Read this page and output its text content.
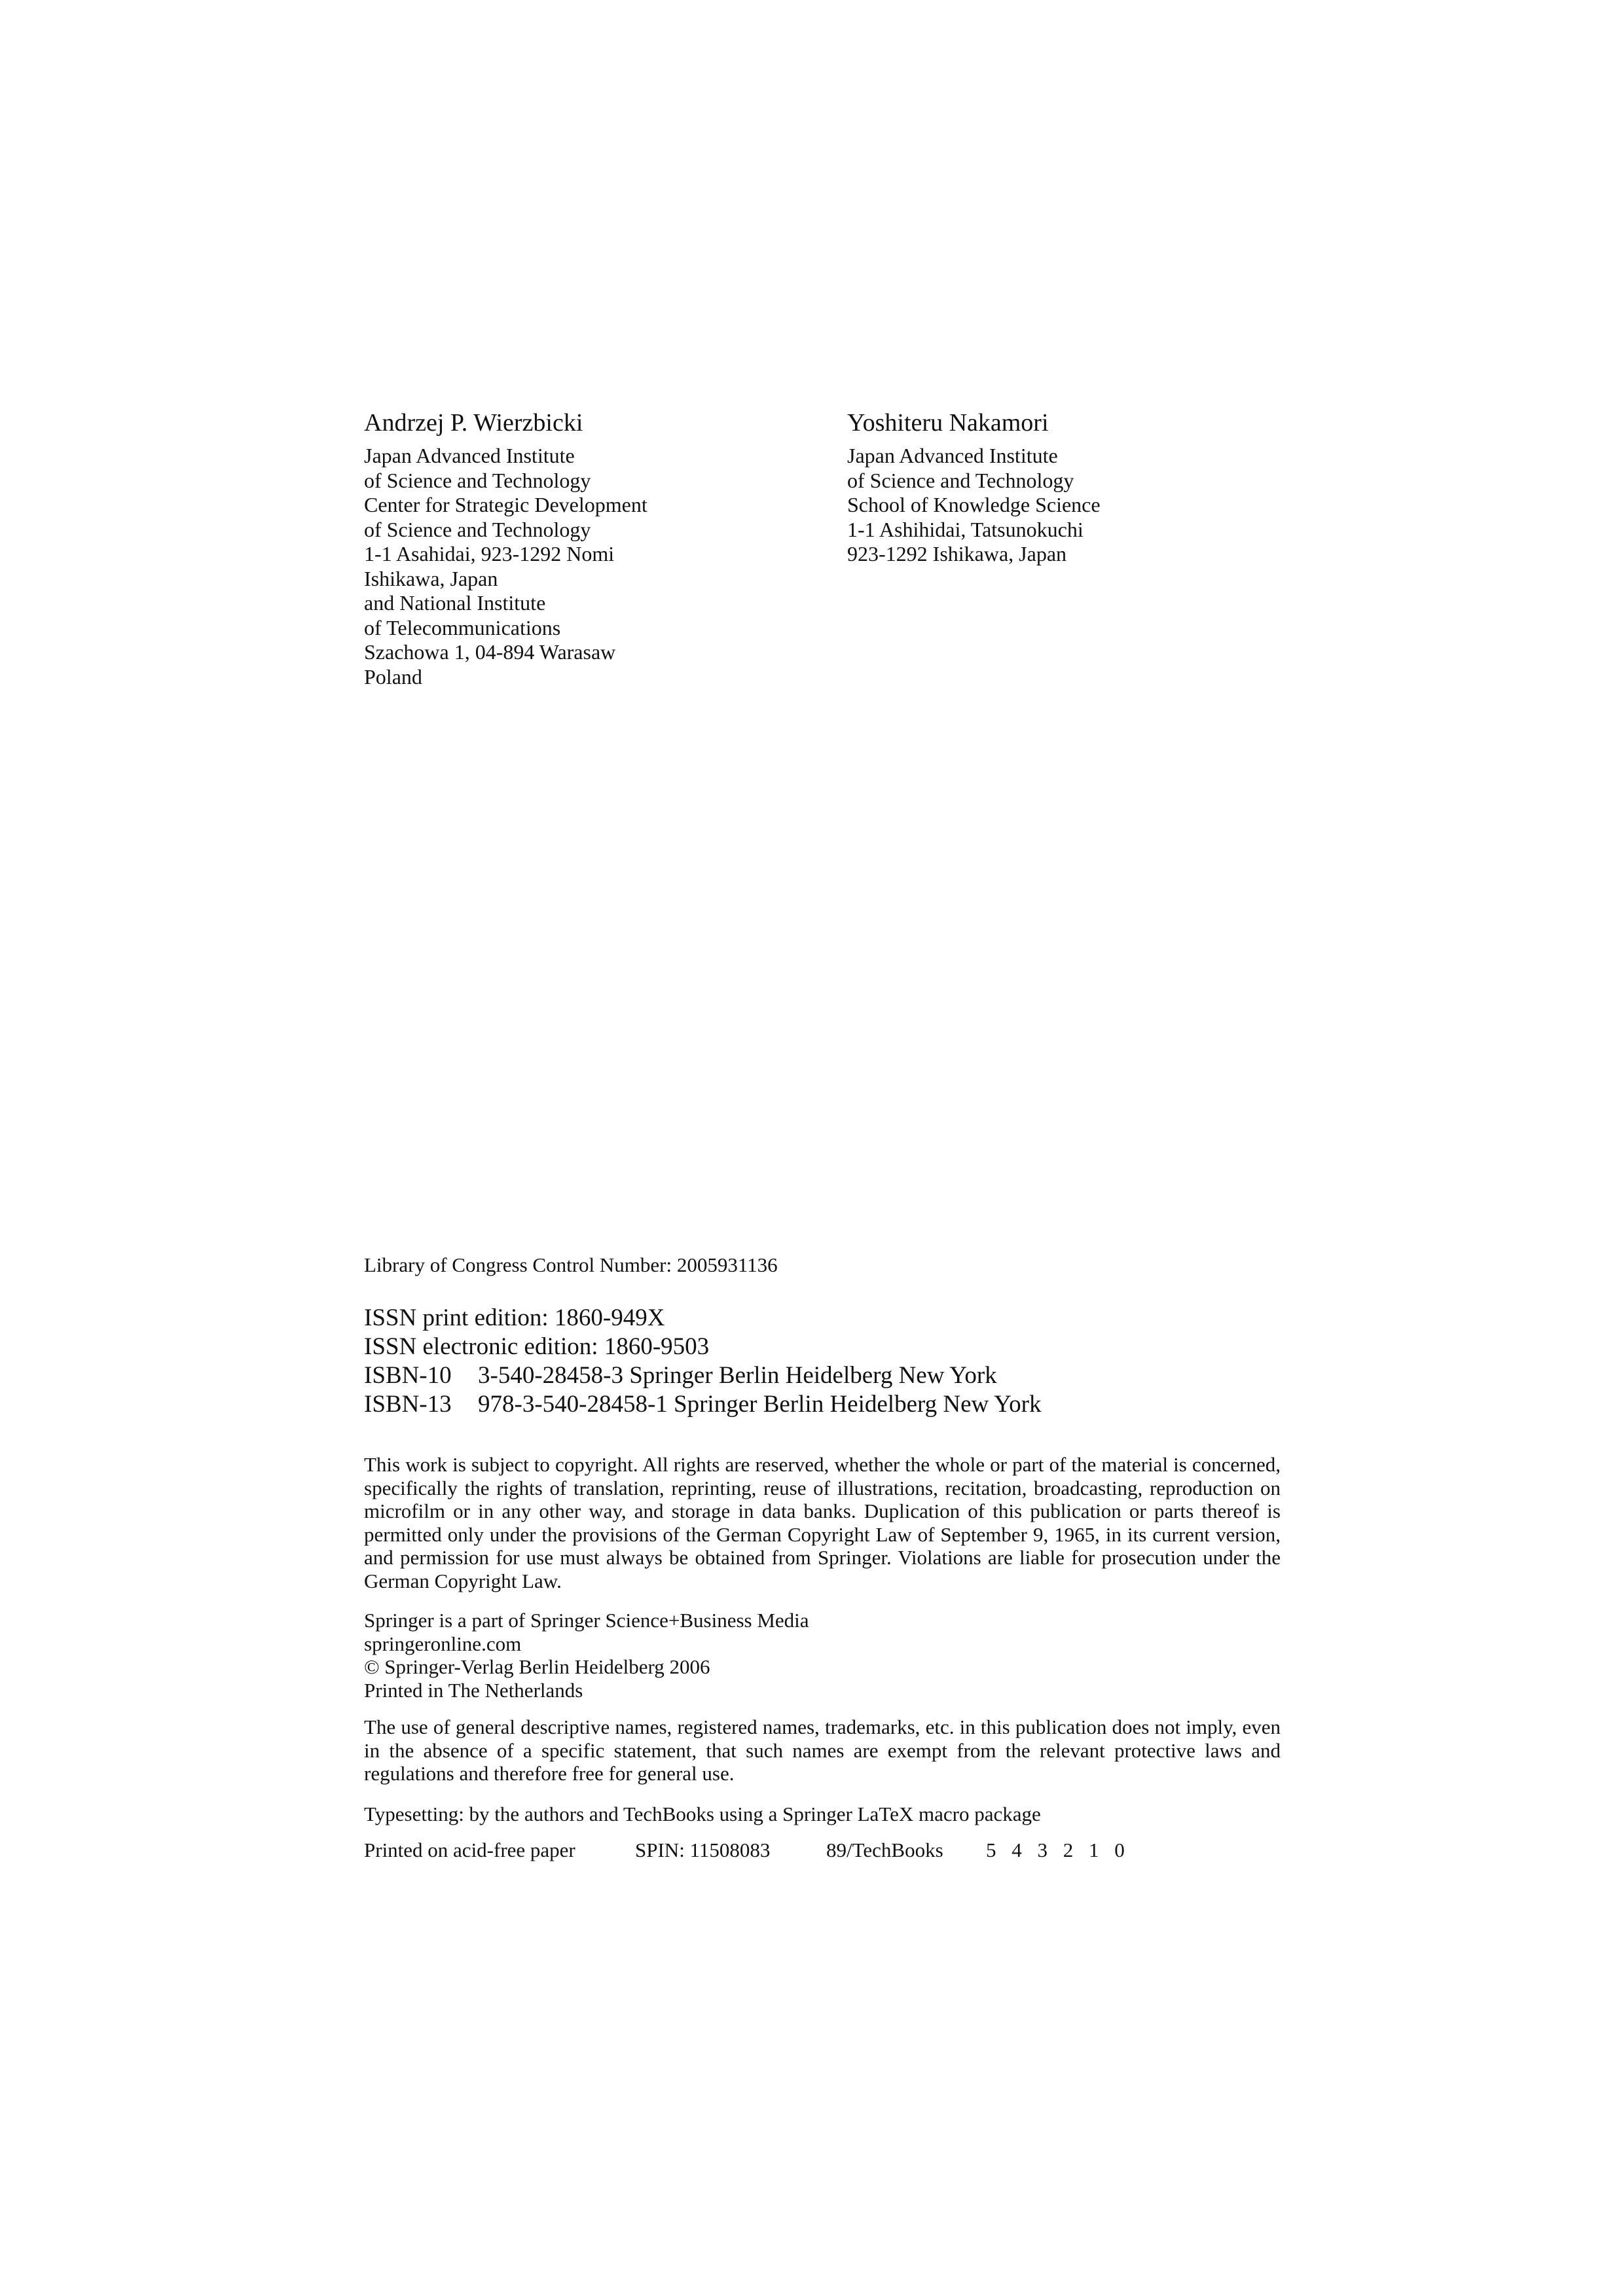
Andrzej P. Wierzbicki
Japan Advanced Institute
of Science and Technology
Center for Strategic Development
of Science and Technology
1-1 Asahidai, 923-1292 Nomi
Ishikawa, Japan
and National Institute
of Telecommunications
Szachowa 1, 04-894 Warasaw
Poland
Yoshiteru Nakamori
Japan Advanced Institute
of Science and Technology
School of Knowledge Science
1-1 Ashihidai, Tatsunokuchi
923-1292 Ishikawa, Japan
Library of Congress Control Number: 2005931136
ISSN print edition: 1860-949X
ISSN electronic edition: 1860-9503
ISBN-10 3-540-28458-3 Springer Berlin Heidelberg New York
ISBN-13 978-3-540-28458-1 Springer Berlin Heidelberg New York

This work is subject to copyright. All rights are reserved, whether the whole or part of the material is concerned, specifically the rights of translation, reprinting, reuse of illustrations, recitation, broadcasting, reproduction on microfilm or in any other way, and storage in data banks. Duplication of this publication or parts thereof is permitted only under the provisions of the German Copyright Law of September 9, 1965, in its current version, and permission for use must always be obtained from Springer. Violations are liable for prosecution under the German Copyright Law.

Springer is a part of Springer Science+Business Media
springeronline.com
© Springer-Verlag Berlin Heidelberg 2006
Printed in The Netherlands

The use of general descriptive names, registered names, trademarks, etc. in this publication does not imply, even in the absence of a specific statement, that such names are exempt from the relevant protective laws and regulations and therefore free for general use.

Typesetting: by the authors and TechBooks using a Springer LaTeX macro package
Printed on acid-free paper	SPIN: 11508083	89/TechBooks 5 4 3 2 1 0
